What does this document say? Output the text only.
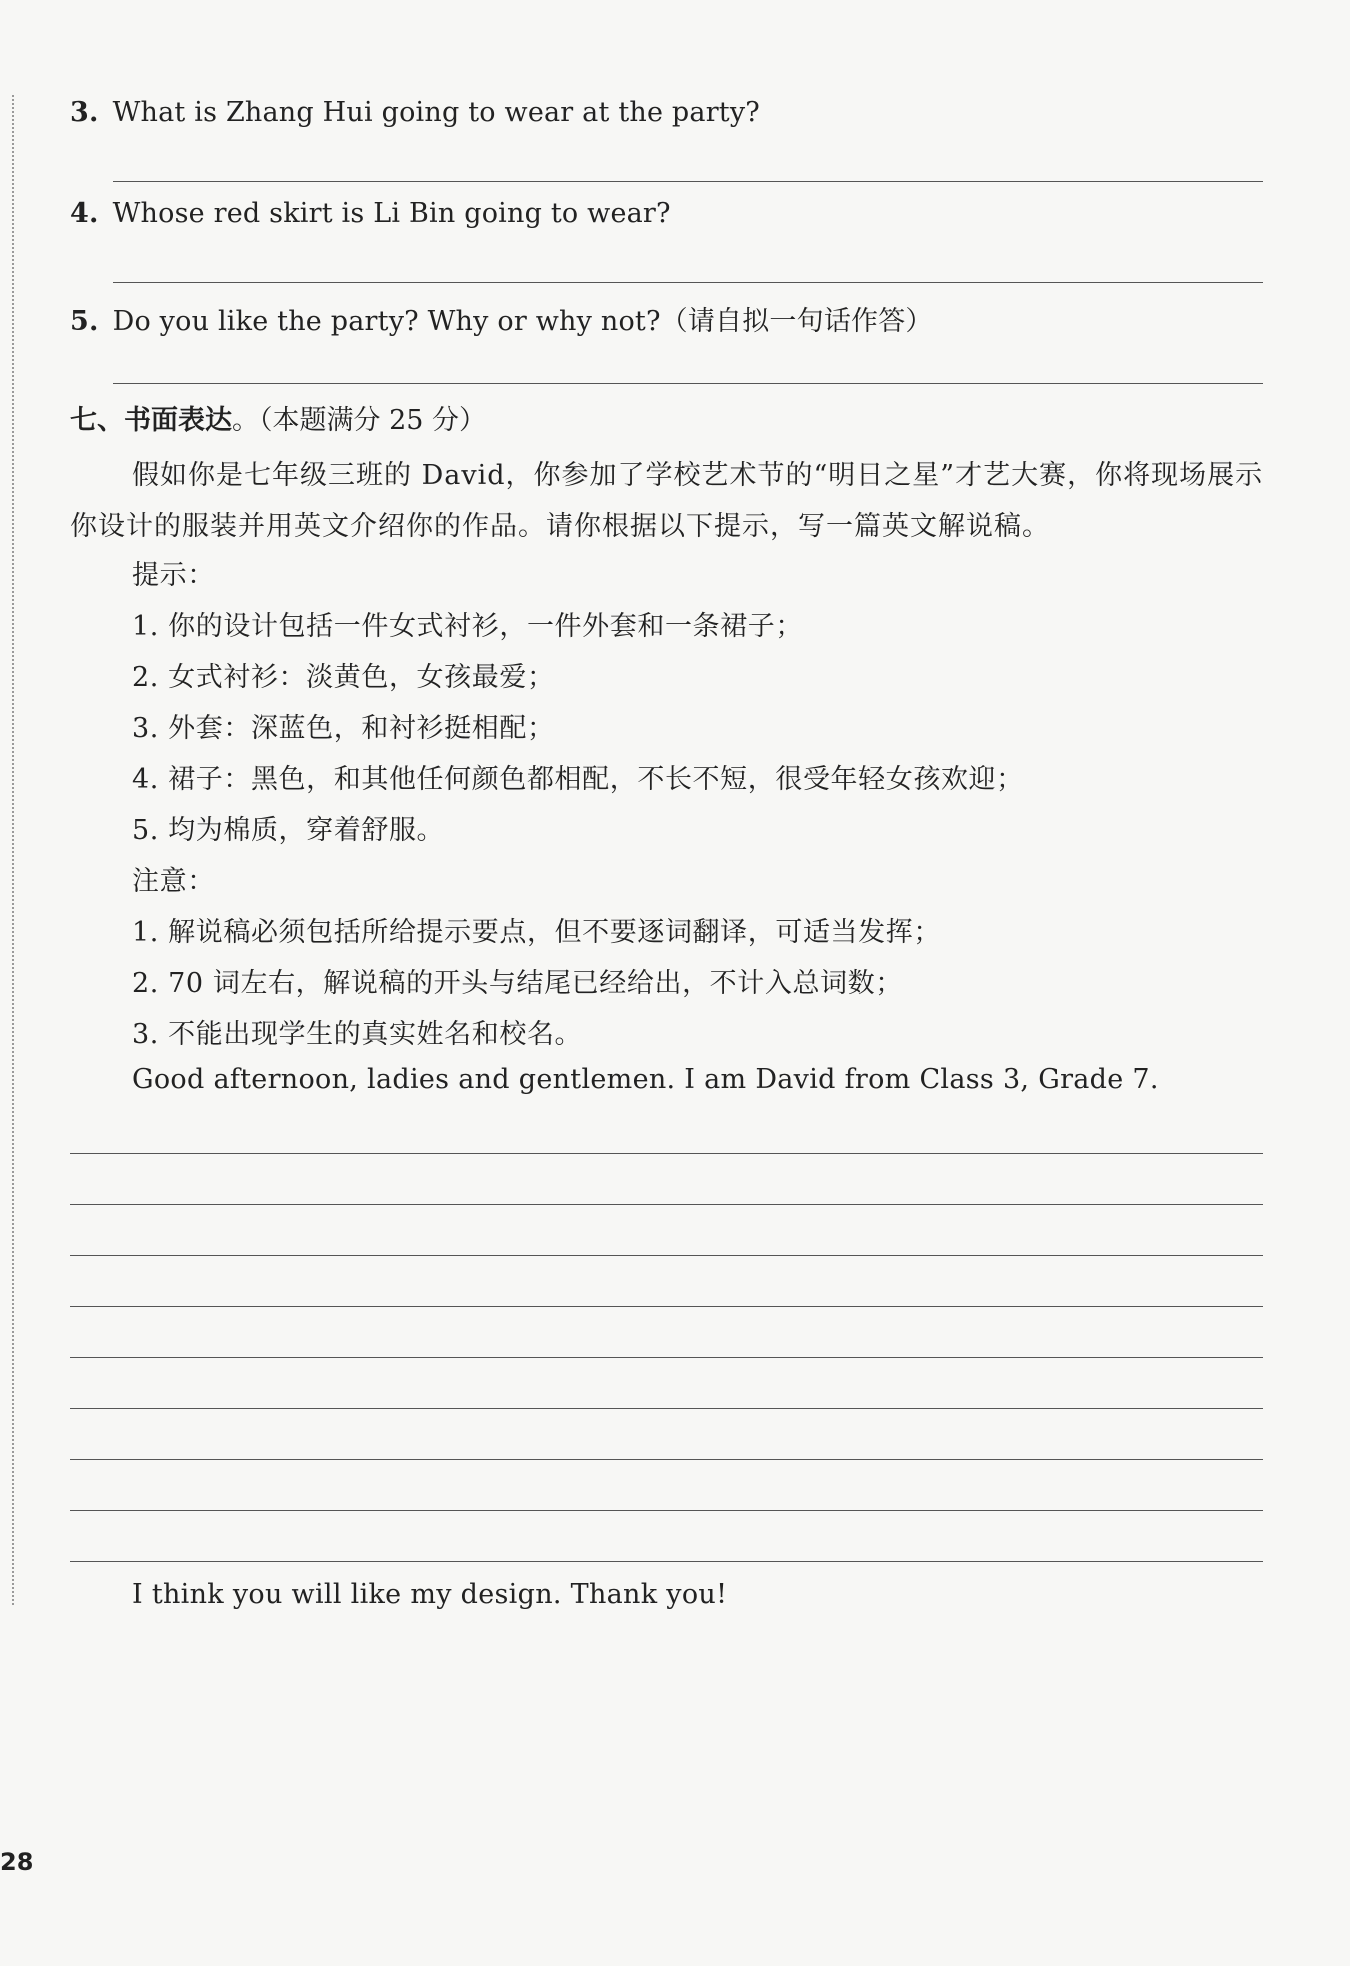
3. What is Zhang Hui going to wear at the party?
4. Whose red skirt is Li Bin going to wear?
5. Do you like the party? Why or why not?（请自拟一句话作答）
七、书面表达。（本题满分 25 分）
假如你是七年级三班的 David，你参加了学校艺术节的“明日之星”才艺大赛，你将现场展示你设计的服装并用英文介绍你的作品。请你根据以下提示，写一篇英文解说稿。
提示：
1. 你的设计包括一件女式衬衫，一件外套和一条裙子；
2. 女式衬衫：淡黄色，女孩最爱；
3. 外套：深蓝色，和衬衫挺相配；
4. 裙子：黑色，和其他任何颜色都相配，不长不短，很受年轻女孩欢迎；
5. 均为棉质，穿着舒服。
注意：
1. 解说稿必须包括所给提示要点，但不要逐词翻译，可适当发挥；
2. 70 词左右，解说稿的开头与结尾已经给出，不计入总词数；
3. 不能出现学生的真实姓名和校名。
Good afternoon, ladies and gentlemen. I am David from Class 3, Grade 7.
I think you will like my design. Thank you!
28
